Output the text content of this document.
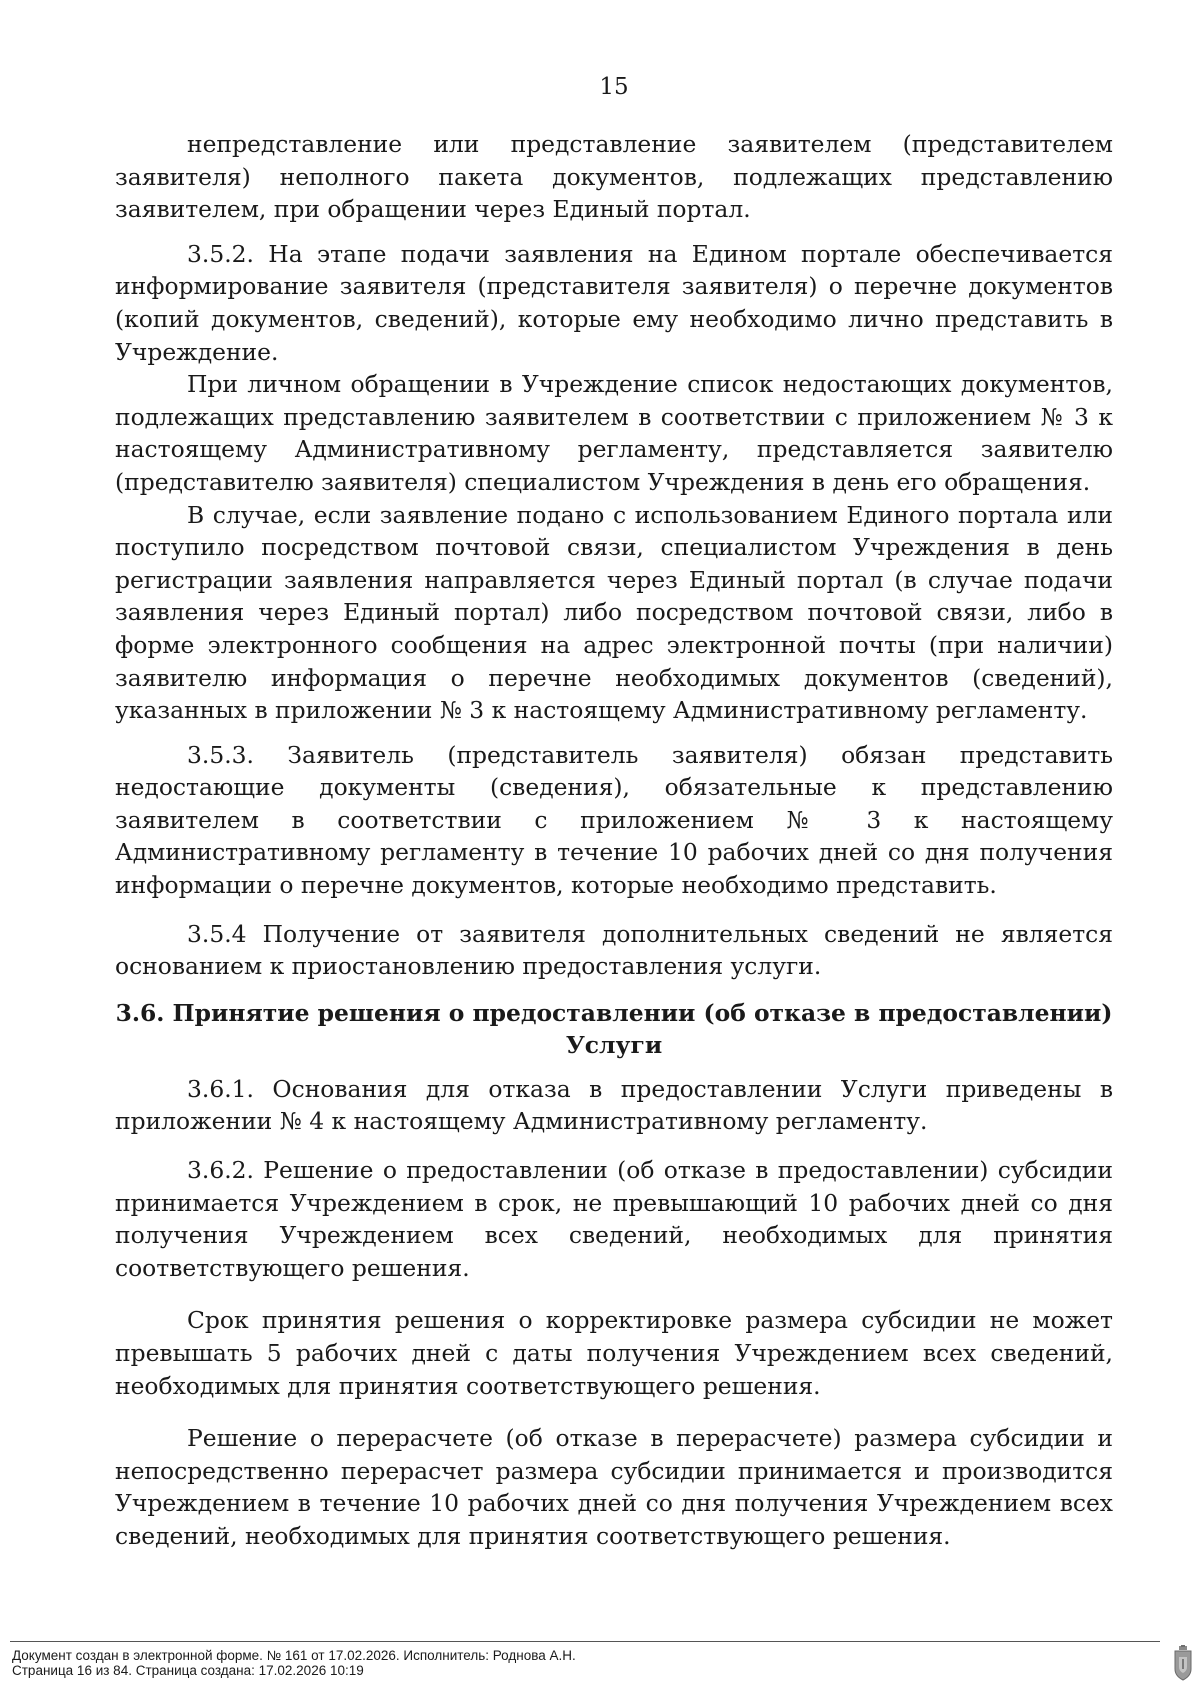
15

непредставление или представление заявителем (представителем заявителя) неполного пакета документов, подлежащих представлению заявителем, при обращении через Единый портал.

3.5.2. На этапе подачи заявления на Едином портале обеспечивается информирование заявителя (представителя заявителя) о перечне документов (копий документов, сведений), которые ему необходимо лично представить в Учреждение.

При личном обращении в Учреждение список недостающих документов, подлежащих представлению заявителем в соответствии с приложением № 3 к настоящему Административному регламенту, представляется заявителю (представителю заявителя) специалистом Учреждения в день его обращения.

В случае, если заявление подано с использованием Единого портала или поступило посредством почтовой связи, специалистом Учреждения в день регистрации заявления направляется через Единый портал (в случае подачи заявления через Единый портал) либо посредством почтовой связи, либо в форме электронного сообщения на адрес электронной почты (при наличии) заявителю информация о перечне необходимых документов (сведений), указанных в приложении № 3 к настоящему Административному регламенту.

3.5.3. Заявитель (представитель заявителя) обязан представить недостающие документы (сведения), обязательные к представлению заявителем в соответствии с приложением № 3 к настоящему Административному регламенту в течение 10 рабочих дней со дня получения информации о перечне документов, которые необходимо представить.

3.5.4 Получение от заявителя дополнительных сведений не является основанием к приостановлению предоставления услуги.

3.6. Принятие решения о предоставлении (об отказе в предоставлении)
Услуги

3.6.1. Основания для отказа в предоставлении Услуги приведены в приложении № 4 к настоящему Административному регламенту.

3.6.2. Решение о предоставлении (об отказе в предоставлении) субсидии принимается Учреждением в срок, не превышающий 10 рабочих дней со дня получения Учреждением всех сведений, необходимых для принятия соответствующего решения.

Срок принятия решения о корректировке размера субсидии не может превышать 5 рабочих дней с даты получения Учреждением всех сведений, необходимых для принятия соответствующего решения.

Решение о перерасчете (об отказе в перерасчете) размера субсидии и непосредственно перерасчет размера субсидии принимается и производится Учреждением в течение 10 рабочих дней со дня получения Учреждением всех сведений, необходимых для принятия соответствующего решения.

Документ создан в электронной форме. № 161 от 17.02.2026. Исполнитель: Роднова А.Н.
Страница 16 из 84. Страница создана: 17.02.2026 10:19
